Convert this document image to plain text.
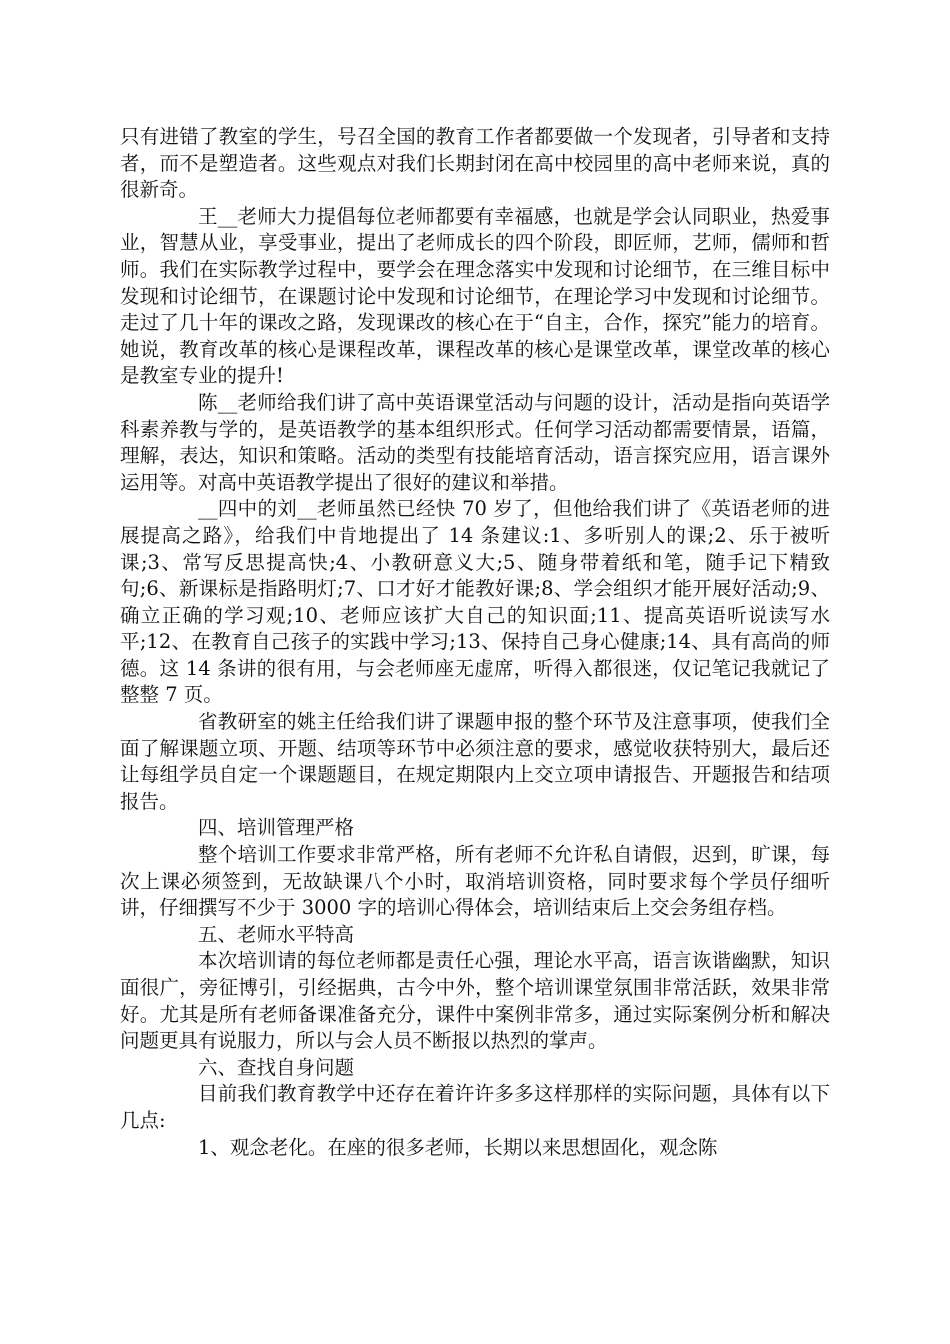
只有进错了教室的学生，号召全国的教育工作者都要做一个发现者，引导者和支持者，而不是塑造者。这些观点对我们长期封闭在高中校园里的高中老师来说，真的很新奇。

王__老师大力提倡每位老师都要有幸福感，也就是学会认同职业，热爱事业，智慧从业，享受事业，提出了老师成长的四个阶段，即匠师，艺师，儒师和哲师。我们在实际教学过程中，要学会在理念落实中发现和讨论细节，在三维目标中发现和讨论细节，在课题讨论中发现和讨论细节，在理论学习中发现和讨论细节。走过了几十年的课改之路，发现课改的核心在于“自主，合作，探究”能力的培育。她说，教育改革的核心是课程改革，课程改革的核心是课堂改革，课堂改革的核心是教室专业的提升!

陈__老师给我们讲了高中英语课堂活动与问题的设计，活动是指向英语学科素养教与学的，是英语教学的基本组织形式。任何学习活动都需要情景，语篇，理解，表达，知识和策略。活动的类型有技能培育活动，语言探究应用，语言课外运用等。对高中英语教学提出了很好的建议和举措。

__四中的刘__老师虽然已经快 70 岁了，但他给我们讲了《英语老师的进展提高之路》，给我们中肯地提出了 14 条建议:1、多听别人的课;2、乐于被听课;3、常写反思提高快;4、小教研意义大;5、随身带着纸和笔，随手记下精致句;6、新课标是指路明灯;7、口才好才能教好课;8、学会组织才能开展好活动;9、确立正确的学习观;10、老师应该扩大自己的知识面;11、提高英语听说读写水平;12、在教育自己孩子的实践中学习;13、保持自己身心健康;14、具有高尚的师德。这 14 条讲的很有用，与会老师座无虚席，听得入都很迷，仅记笔记我就记了整整 7 页。

省教研室的姚主任给我们讲了课题申报的整个环节及注意事项，使我们全面了解课题立项、开题、结项等环节中必须注意的要求，感觉收获特别大，最后还让每组学员自定一个课题题目，在规定期限内上交立项申请报告、开题报告和结项报告。

四、培训管理严格

整个培训工作要求非常严格，所有老师不允许私自请假，迟到，旷课，每次上课必须签到，无故缺课八个小时，取消培训资格，同时要求每个学员仔细听讲，仔细撰写不少于 3000 字的培训心得体会，培训结束后上交会务组存档。

五、老师水平特高

本次培训请的每位老师都是责任心强，理论水平高，语言诙谐幽默，知识面很广，旁征博引，引经据典，古今中外，整个培训课堂氛围非常活跃，效果非常好。尤其是所有老师备课准备充分，课件中案例非常多，通过实际案例分析和解决问题更具有说服力，所以与会人员不断报以热烈的掌声。

六、查找自身问题

目前我们教育教学中还存在着许许多多这样那样的实际问题，具体有以下几点:

1、观念老化。在座的很多老师，长期以来思想固化，观念陈
